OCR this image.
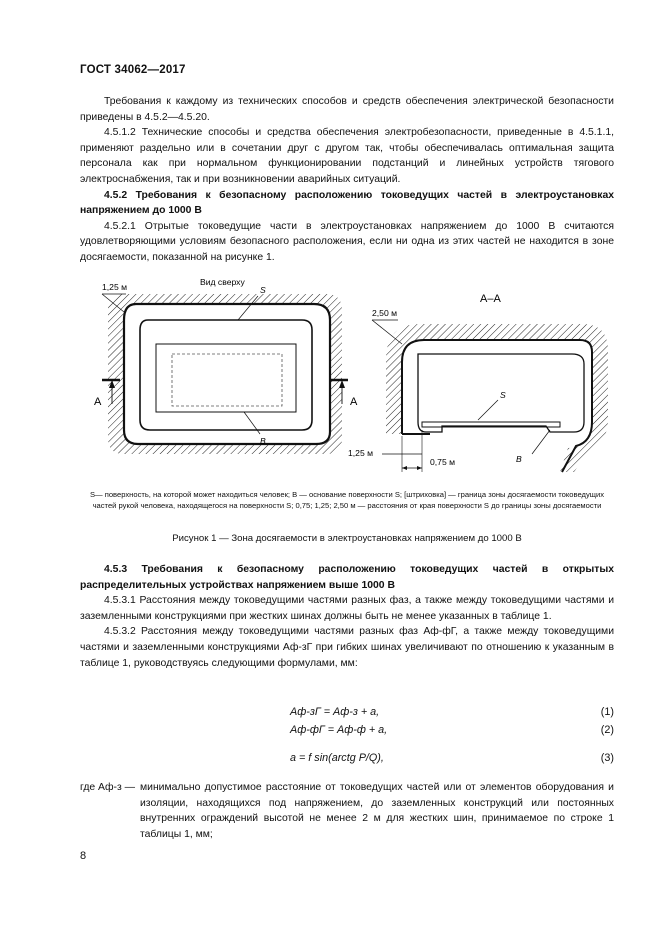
ГОСТ 34062—2017

Требования к каждому из технических способов и средств обеспечения электрической безопасности приведены в 4.5.2—4.5.20.

4.5.1.2 Технические способы и средства обеспечения электробезопасности, приведенные в 4.5.1.1, применяют раздельно или в сочетании друг с другом так, чтобы обеспечивалась оптимальная защита персонала как при нормальном функционировании подстанций и линейных устройств тягового электроснабжения, так и при возникновении аварийных ситуаций.

4.5.2 Требования к безопасному расположению токоведущих частей в электроустановках напряжением до 1000 В

4.5.2.1 Отрытые токоведущие части в электроустановках напряжением до 1000 В считаются удовлетворяющими условиям безопасного расположения, если ни одна из этих частей не находится в зоне досягаемости, показанной на рисунке 1.

1,25 м	Вид сверху
S
B
А	А
А–А
S
B
2,50 м
1,25 м
0,75 м
S— поверхность, на которой может находиться человек; B — основание поверхности S; [штриховка] — граница зоны досягаемости токоведущих частей рукой человека, находящегося на поверхности S; 0,75; 1,25; 2,50 м — расстояния от края поверхности S до границы зоны досягаемости
Рисунок 1 — Зона досягаемости в электроустановках напряжением до 1000 В

4.5.3 Требования к безопасному расположению токоведущих частей в открытых распределительных устройствах напряжением выше 1000 В

4.5.3.1 Расстояния между токоведущими частями разных фаз, а также между токоведущими частями и заземленными конструкциями при жестких шинах должны быть не менее указанных в таблице 1.

4.5.3.2 Расстояния между токоведущими частями разных фаз Aф-фГ, а также между токоведущими частями и заземленными конструкциями Aф-зГ при гибких шинах увеличивают по отношению к указанным в таблице 1, руководствуясь следующими формулами, мм:

Aф-зГ = Aф-з + a,	(1)
Aф-фГ = Aф-ф + a,	(2)
a = f sin(arctg P/Q),	(3)
где Aф-з — минимально допустимое расстояние от токоведущих частей или от элементов оборудования и изоляции, находящихся под напряжением, до заземленных конструкций или постоянных внутренних ограждений высотой не менее 2 м для жестких шин, принимаемое по строке 1 таблицы 1, мм;
8
